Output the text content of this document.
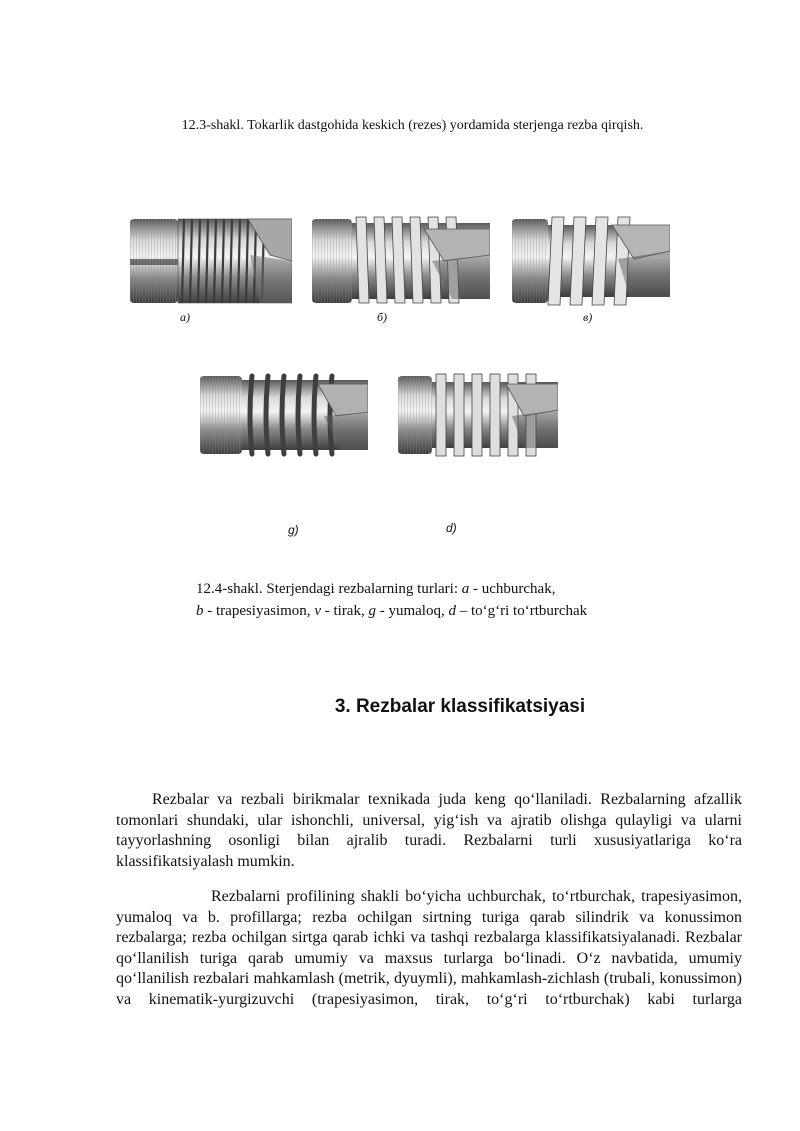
12.3-shakl. Tokarlik dastgohida keskich (rezes) yordamida sterjenga rezba qirqish.
a)	б)	в)
g)	d)
12.4-shakl. Sterjendagi rezbalarning turlari: a - uchburchak,
b - trapesiyasimon, v - tirak, g - yumaloq, d – to‘g‘ri to‘rtburchak
3. Rezbalar klassifikatsiyasi
Rezbalar va rezbali birikmalar texnikada juda keng qo‘llaniladi. Rezbalarning afzallik tomonlari shundaki, ular ishonchli, universal, yig‘ish va ajratib olishga qulayligi va ularni tayyorlashning osonligi bilan ajralib turadi. Rezbalarni turli xususiyatlariga ko‘ra klassifikatsiyalash mumkin.
Rezbalarni profilining shakli bo‘yicha uchburchak, to‘rtburchak, trapesiyasimon, yumaloq va b. profillarga; rezba ochilgan sirtning turiga qarab silindrik va konussimon rezbalarga; rezba ochilgan sirtga qarab ichki va tashqi rezbalarga klassifikatsiyalanadi. Rezbalar qo‘llanilish turiga qarab umumiy va maxsus turlarga bo‘linadi. O‘z navbatida, umumiy qo‘llanilish rezbalari mahkamlash (metrik, dyuymli), mahkamlash-zichlash (trubali, konussimon) va kinematik-yurgizuvchi (trapesiyasimon, tirak, to‘g‘ri to‘rtburchak) kabi turlarga
